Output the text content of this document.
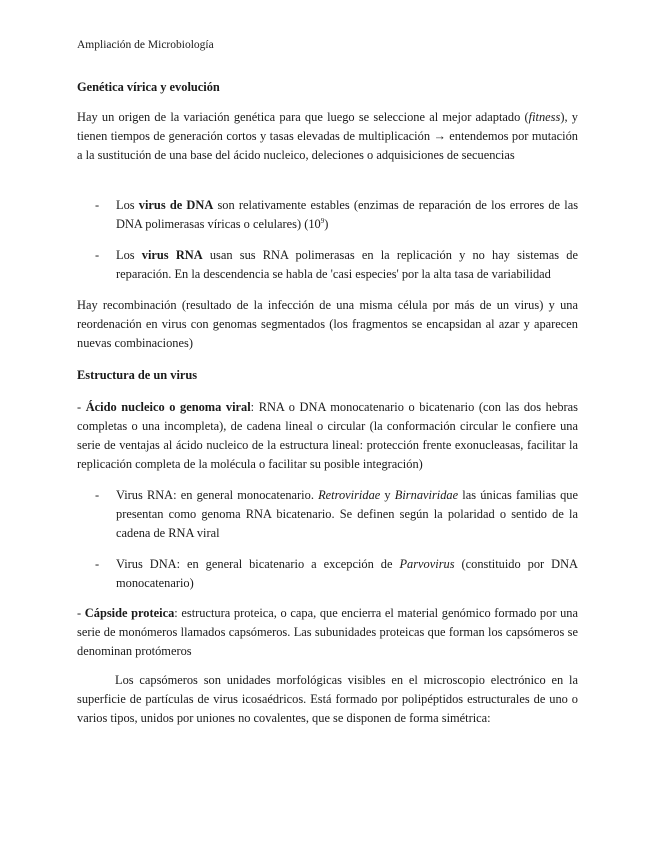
Ampliación de Microbiología
Genética vírica y evolución

Hay un origen de la variación genética para que luego se seleccione al mejor adaptado (fitness), y tienen tiempos de generación cortos y tasas elevadas de multiplicación → entendemos por mutación a la sustitución de una base del ácido nucleico, deleciones o adquisiciones de secuencias

- Los virus de DNA son relativamente estables (enzimas de reparación de los errores de las DNA polimerasas víricas o celulares) $(10^9)$

- Los virus RNA usan sus RNA polimerasas en la replicación y no hay sistemas de reparación. En la descendencia se habla de 'casi especies' por la alta tasa de variabilidad

Hay recombinación (resultado de la infección de una misma célula por más de un virus) y una reordenación en virus con genomas segmentados (los fragmentos se encapsidan al azar y aparecen nuevas combinaciones)

Estructura de un virus

- Ácido nucleico o genoma viral: RNA o DNA monocatenario o bicatenario (con las dos hebras completas o una incompleta), de cadena lineal o circular (la conformación circular le confiere una serie de ventajas al ácido nucleico de la estructura lineal: protección frente exonucleasas, facilitar la replicación completa de la molécula o facilitar su posible integración)

- Virus RNA: en general monocatenario. Retroviridae y Birnaviridae las únicas familias que presentan como genoma RNA bicatenario. Se definen según la polaridad o sentido de la cadena de RNA viral

- Virus DNA: en general bicatenario a excepción de Parvovirus (constituido por DNA monocatenario)

- Cápside proteica: estructura proteica, o capa, que encierra el material genómico formado por una serie de monómeros llamados capsómeros. Las subunidades proteicas que forman los capsómeros se denominan protómeros

Los capsómeros son unidades morfológicas visibles en el microscopio electrónico en la superficie de partículas de virus icosaédricos. Está formado por polipéptidos estructurales de uno o varios tipos, unidos por uniones no covalentes, que se disponen de forma simétrica:
